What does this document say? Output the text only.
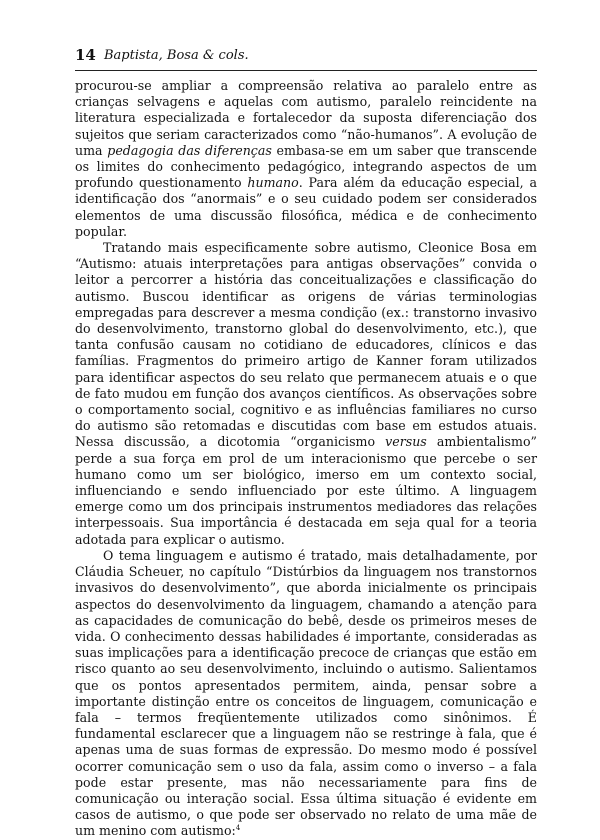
14 Baptista, Bosa & cols.

procurou-se ampliar a compreensão relativa ao paralelo entre as crianças selvagens e aquelas com autismo, paralelo reincidente na literatura especializada e fortalecedor da suposta diferenciação dos sujeitos que seriam caracterizados como “não-humanos”. A evolução de uma pedagogia das diferenças embasa-se em um saber que transcende os limites do conhecimento pedagógico, integrando aspectos de um profundo questionamento humano. Para além da educação especial, a identificação dos “anormais” e o seu cuidado podem ser considerados elementos de uma discussão filosófica, médica e de conhecimento popular.

Tratando mais especificamente sobre autismo, Cleonice Bosa em “Autismo: atuais interpretações para antigas observações” convida o leitor a percorrer a história das conceitualizações e classificação do autismo. Buscou identificar as origens de várias terminologias empregadas para descrever a mesma condição (ex.: transtorno invasivo do desenvolvimento, transtorno global do desenvolvimento, etc.), que tanta confusão causam no cotidiano de educadores, clínicos e das famílias. Fragmentos do primeiro artigo de Kanner foram utilizados para identificar aspectos do seu relato que permanecem atuais e o que de fato mudou em função dos avanços científicos. As observações sobre o comportamento social, cognitivo e as influências familiares no curso do autismo são retomadas e discutidas com base em estudos atuais. Nessa discussão, a dicotomia “organicismo versus ambientalismo” perde a sua força em prol de um interacionismo que percebe o ser humano como um ser biológico, imerso em um contexto social, influenciando e sendo influenciado por este último. A linguagem emerge como um dos principais instrumentos mediadores das relações interpessoais. Sua importância é destacada em seja qual for a teoria adotada para explicar o autismo.

O tema linguagem e autismo é tratado, mais detalhadamente, por Cláudia Scheuer, no capítulo “Distúrbios da linguagem nos transtornos invasivos do desenvolvimento”, que aborda inicialmente os principais aspectos do desenvolvimento da linguagem, chamando a atenção para as capacidades de comunicação do bebê, desde os primeiros meses de vida. O conhecimento dessas habilidades é importante, consideradas as suas implicações para a identificação precoce de crianças que estão em risco quanto ao seu desenvolvimento, incluindo o autismo. Salientamos que os pontos apresentados permitem, ainda, pensar sobre a importante distinção entre os conceitos de linguagem, comunicação e fala – termos freqüentemente utilizados como sinônimos. É fundamental esclarecer que a linguagem não se restringe à fala, que é apenas uma de suas formas de expressão. Do mesmo modo é possível ocorrer comunicação sem o uso da fala, assim como o inverso – a fala pode estar presente, mas não necessariamente para fins de comunicação ou interação social. Essa última situação é evidente em casos de autismo, o que pode ser observado no relato de uma mãe de um menino com autismo:$^4$
